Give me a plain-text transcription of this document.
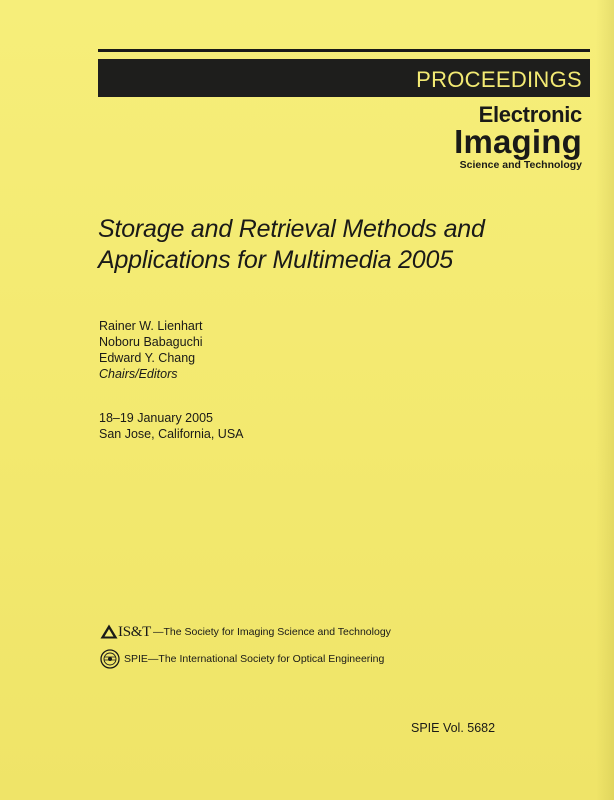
PROCEEDINGS
Electronic
Imaging
Science and Technology
Storage and Retrieval Methods and
Applications for Multimedia 2005
Rainer W. Lienhart
Noboru Babaguchi
Edward Y. Chang
Chairs/Editors
18–19 January 2005
San Jose, California, USA
IS&T —The Society for Imaging Science and Technology
SPIE—The International Society for Optical Engineering
SPIE Vol. 5682
